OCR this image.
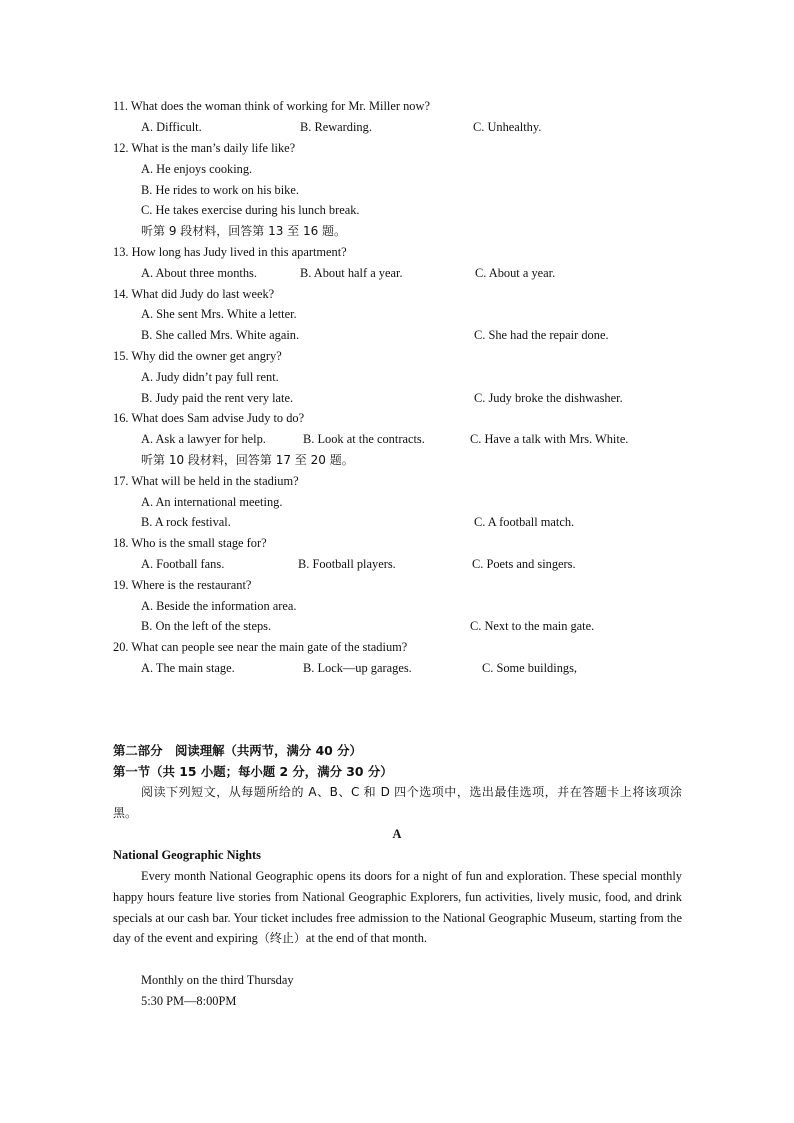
11. What does the woman think of working for Mr. Miller now?
A. Difficult.	B. Rewarding.	C. Unhealthy.
12. What is the man’s daily life like?
A. He enjoys cooking.
B. He rides to work on his bike.
C. He takes exercise during his lunch break.
听第 9 段材料，回答第 13 至 16 题。
13. How long has Judy lived in this apartment?
A. About three months.	B. About half a year.	C. About a year.
14. What did Judy do last week?
A. She sent Mrs. White a letter.
B. She called Mrs. White again.	C. She had the repair done.
15. Why did the owner get angry?
A. Judy didn’t pay full rent.
B. Judy paid the rent very late.	C. Judy broke the dishwasher.
16. What does Sam advise Judy to do?
A. Ask a lawyer for help.	B. Look at the contracts.	C. Have a talk with Mrs. White.
听第 10 段材料，回答第 17 至 20 题。
17. What will be held in the stadium?
A. An international meeting.
B. A rock festival.	C. A football match.
18. Who is the small stage for?
A. Football fans.	B. Football players.	C. Poets and singers.
19. Where is the restaurant?
A. Beside the information area.
B. On the left of the steps.	C. Next to the main gate.
20. What can people see near the main gate of the stadium?
A. The main stage.	B. Lock—up garages.	C. Some buildings,
第二部分　阅读理解（共两节，满分 40 分）
第一节（共 15 小题；每小题 2 分，满分 30 分）
阅读下列短文，从每题所给的 A、B、C 和 D 四个选项中，选出最佳选项，并在答题卡上将该项涂黑。
A
National Geographic Nights
Every month National Geographic opens its doors for a night of fun and exploration. These special monthly happy hours feature live stories from National Geographic Explorers, fun activities, lively music, food, and drink specials at our cash bar. Your ticket includes free admission to the National Geographic Museum, starting from the day of the event and expiring（终止）at the end of that month.
Monthly on the third Thursday
5:30 PM—8:00PM
